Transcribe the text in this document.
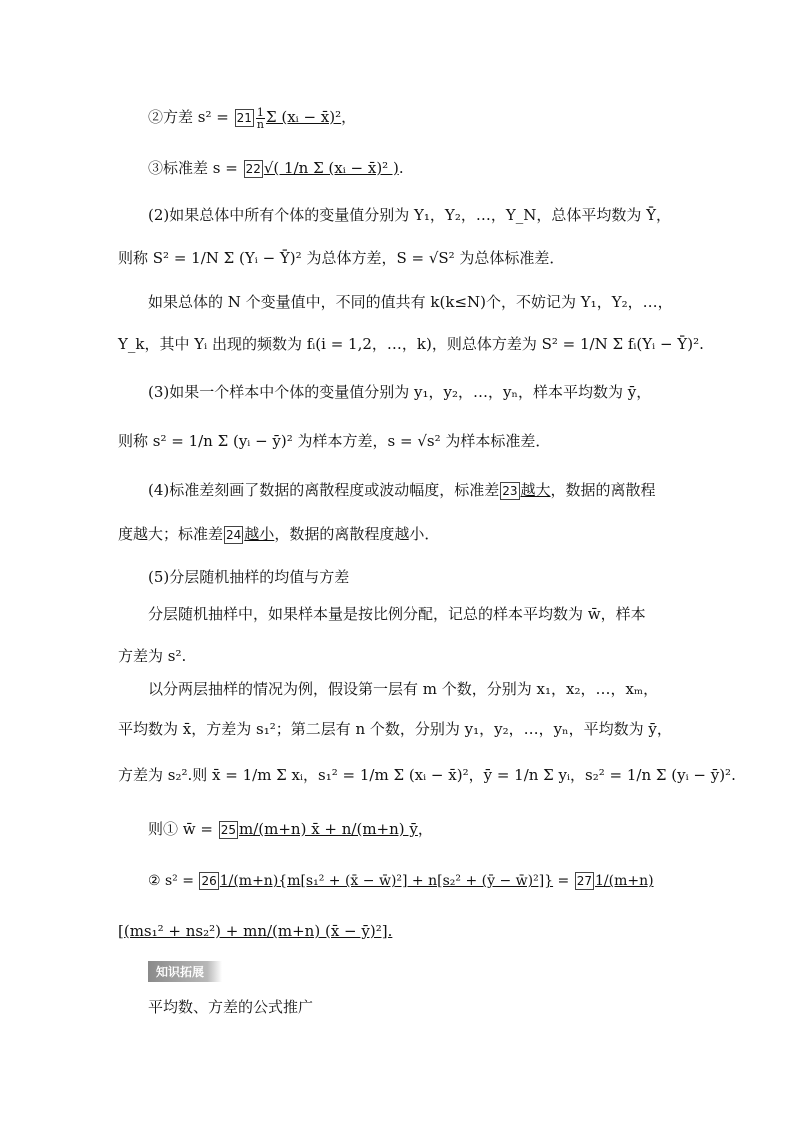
②方差 $s^2 = 21 \frac{1}{n}$ Σ (xᵢ − x̄)²，
③标准差 s = 22 √( 1/n Σ (xᵢ − x̄)² ).
(2)如果总体中所有个体的变量值分别为 Y₁，Y₂，…，Y_N，总体平均数为 Ȳ，
则称 S² = 1/N Σ (Yᵢ − Ȳ)² 为总体方差，S = √S² 为总体标准差．
如果总体的 N 个变量值中，不同的值共有 k(k≤N)个，不妨记为 Y₁，Y₂，…，
Y_k，其中 Yᵢ 出现的频数为 fᵢ(i = 1,2，…，k)，则总体方差为 S² = 1/N Σ fᵢ(Yᵢ − Ȳ)².
(3)如果一个样本中个体的变量值分别为 y₁，y₂，…，yₙ，样本平均数为 ȳ，
则称 s² = 1/n Σ (yᵢ − ȳ)² 为样本方差，s = √s² 为样本标准差．
(4)标准差刻画了数据的离散程度或波动幅度，标准差 23 越大，数据的离散程
度越大；标准差 24 越小，数据的离散程度越小．
(5)分层随机抽样的均值与方差
分层随机抽样中，如果样本量是按比例分配，记总的样本平均数为 w̄，样本
方差为 s².
以分两层抽样的情况为例，假设第一层有 m 个数，分别为 x₁，x₂，…，xₘ，
平均数为 x̄，方差为 s₁²；第二层有 n 个数，分别为 y₁，y₂，…，yₙ，平均数为 ȳ，
方差为 s₂².则 x̄ = 1/m Σ xᵢ，s₁² = 1/m Σ (xᵢ − x̄)²，ȳ = 1/n Σ yᵢ，s₂² = 1/n Σ (yᵢ − ȳ)².
则① w̄ = 25 m/(m+n) x̄ + n/(m+n) ȳ，
② s² = 26 1/(m+n){m[s₁² + (x̄ − w̄)²] + n[s₂² + (ȳ − w̄)²]} = 27 1/(m+n)
[(ms₁² + ns₂²) + mn/(m+n) (x̄ − ȳ)²].
知识拓展
平均数、方差的公式推广
